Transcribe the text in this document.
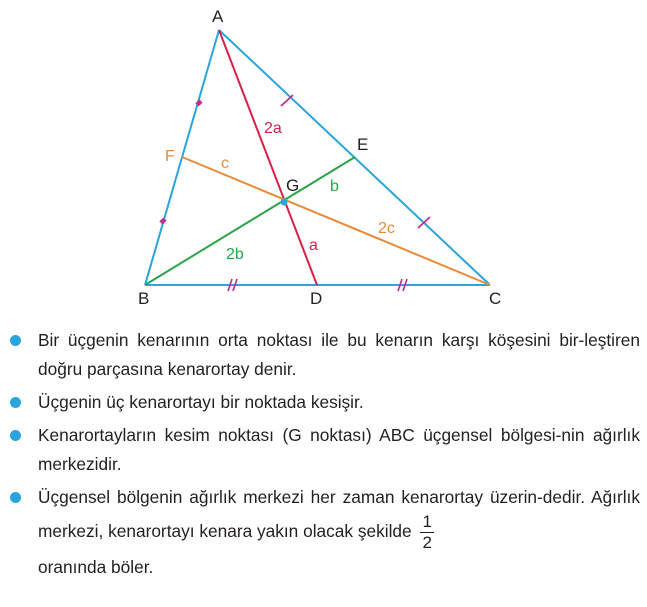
A
B	C
D
E
F
G
2a
a
c
2c
b
2b
Bir üçgenin kenarının orta noktası ile bu kenarın karşı köşesini bir-leştiren doğru parçasına kenarortay denir.
Üçgenin üç kenarortayı bir noktada kesişir.
Kenarortayların kesim noktası (G noktası) ABC üçgensel bölgesi-nin ağırlık merkezidir.
Üçgensel bölgenin ağırlık merkezi her zaman kenarortay üzerin-dedir. Ağırlık merkezi, kenarortayı kenara yakın olacak şekilde $\frac{1}{2}$

oranında böler.
